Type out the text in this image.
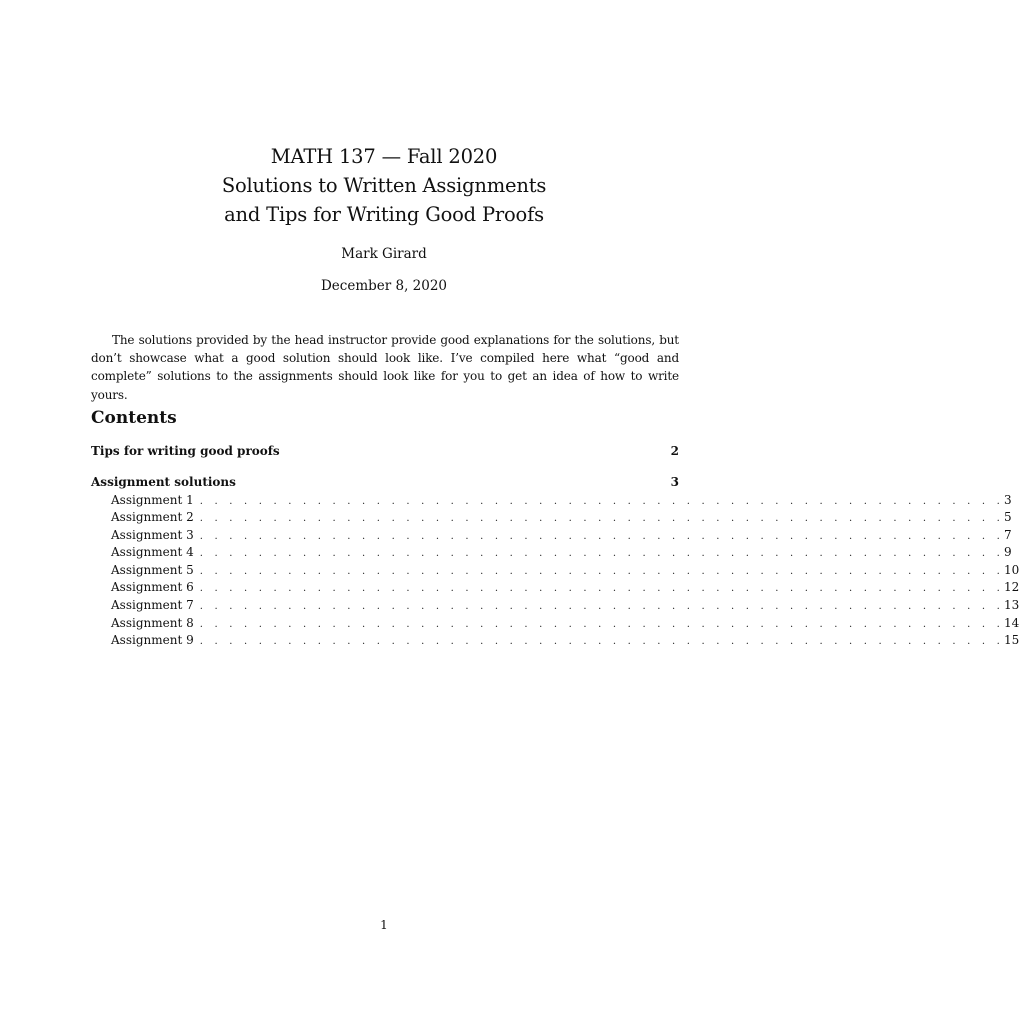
MATH 137 — Fall 2020
Solutions to Written Assignments
and Tips for Writing Good Proofs
Mark Girard
December 8, 2020

The solutions provided by the head instructor provide good explanations for the solutions, but don’t showcase what a good solution should look like. I’ve compiled here what “good and complete” solutions to the assignments should look like for you to get an idea of how to write yours.

Contents
Tips for writing good proofs	2
Assignment solutions	3
Assignment 1 . . . . . . . . . . . . . . . . . . . . . . . . . . . . . . . . . . . . . . . . . . . . . . . . . . . . . . . 3
Assignment 2 . . . . . . . . . . . . . . . . . . . . . . . . . . . . . . . . . . . . . . . . . . . . . . . . . . . . . . . 5
Assignment 3 . . . . . . . . . . . . . . . . . . . . . . . . . . . . . . . . . . . . . . . . . . . . . . . . . . . . . . . 7
Assignment 4 . . . . . . . . . . . . . . . . . . . . . . . . . . . . . . . . . . . . . . . . . . . . . . . . . . . . . . . 9
Assignment 5 . . . . . . . . . . . . . . . . . . . . . . . . . . . . . . . . . . . . . . . . . . . . . . . . . . . . . . . 10
Assignment 6 . . . . . . . . . . . . . . . . . . . . . . . . . . . . . . . . . . . . . . . . . . . . . . . . . . . . . . . 12
Assignment 7 . . . . . . . . . . . . . . . . . . . . . . . . . . . . . . . . . . . . . . . . . . . . . . . . . . . . . . . 13
Assignment 8 . . . . . . . . . . . . . . . . . . . . . . . . . . . . . . . . . . . . . . . . . . . . . . . . . . . . . . . 14
Assignment 9 . . . . . . . . . . . . . . . . . . . . . . . . . . . . . . . . . . . . . . . . . . . . . . . . . . . . . . . 15
1
